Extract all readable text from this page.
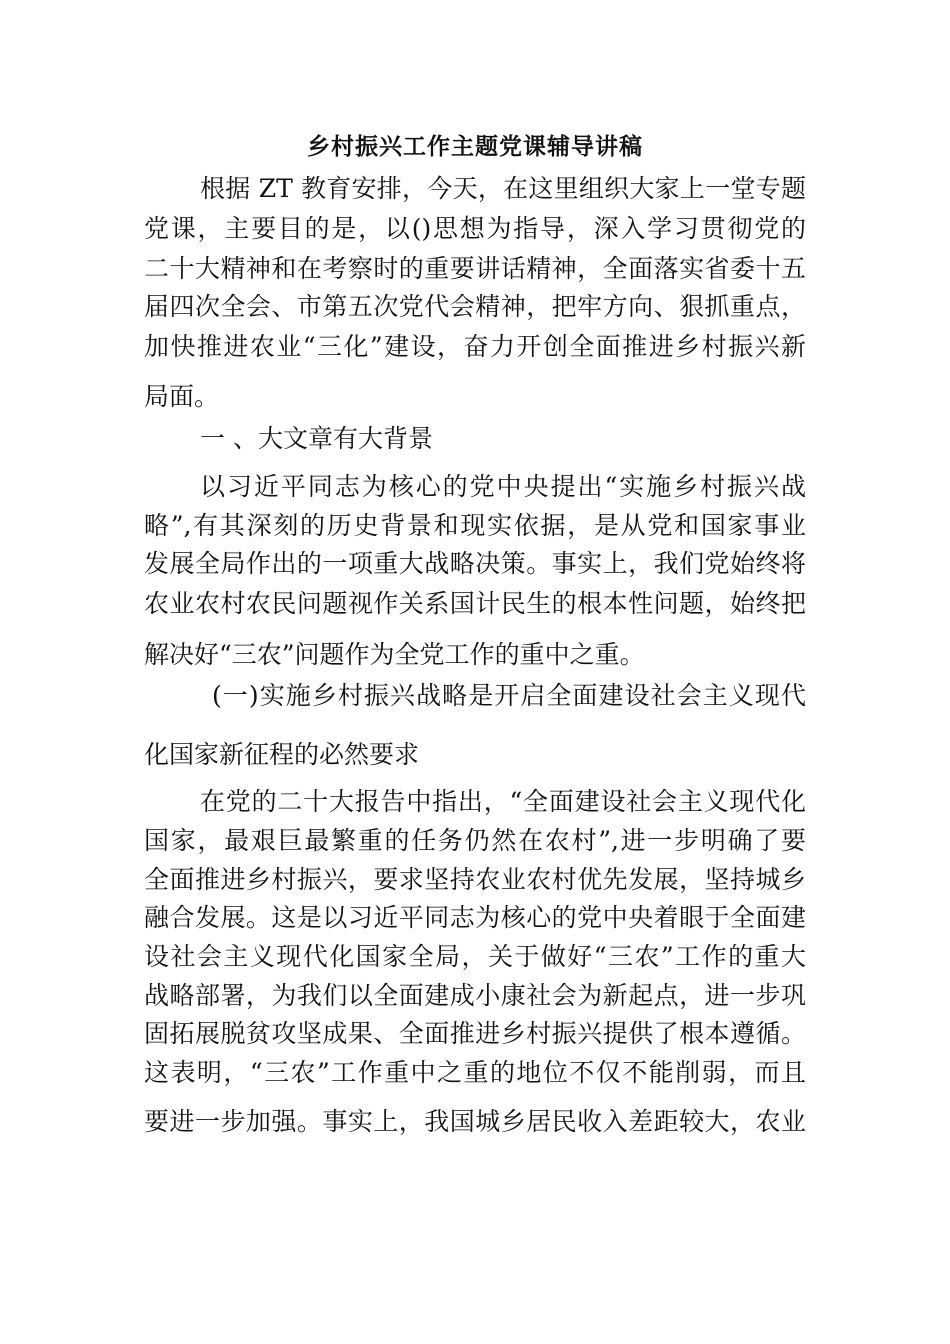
乡村振兴工作主题党课辅导讲稿
根据 ZT 教育安排，今天，在这里组织大家上一堂专题
党课，主要目的是，以()思想为指导，深入学习贯彻党的
二十大精神和在考察时的重要讲话精神，全面落实省委十五
届四次全会、市第五次党代会精神，把牢方向、狠抓重点，
加快推进农业“三化”建设，奋力开创全面推进乡村振兴新
局面。
一 、大文章有大背景
以习近平同志为核心的党中央提出“实施乡村振兴战
略”,有其深刻的历史背景和现实依据，是从党和国家事业
发展全局作出的一项重大战略决策。事实上，我们党始终将
农业农村农民问题视作关系国计民生的根本性问题，始终把
解决好“三农”问题作为全党工作的重中之重。
(一)实施乡村振兴战略是开启全面建设社会主义现代
化国家新征程的必然要求
在党的二十大报告中指出，“全面建设社会主义现代化
国家，最艰巨最繁重的任务仍然在农村”,进一步明确了要
全面推进乡村振兴，要求坚持农业农村优先发展，坚持城乡
融合发展。这是以习近平同志为核心的党中央着眼于全面建
设社会主义现代化国家全局，关于做好“三农”工作的重大
战略部署，为我们以全面建成小康社会为新起点，进一步巩
固拓展脱贫攻坚成果、全面推进乡村振兴提供了根本遵循。
这表明，“三农”工作重中之重的地位不仅不能削弱，而且
要进一步加强。事实上，我国城乡居民收入差距较大，农业
